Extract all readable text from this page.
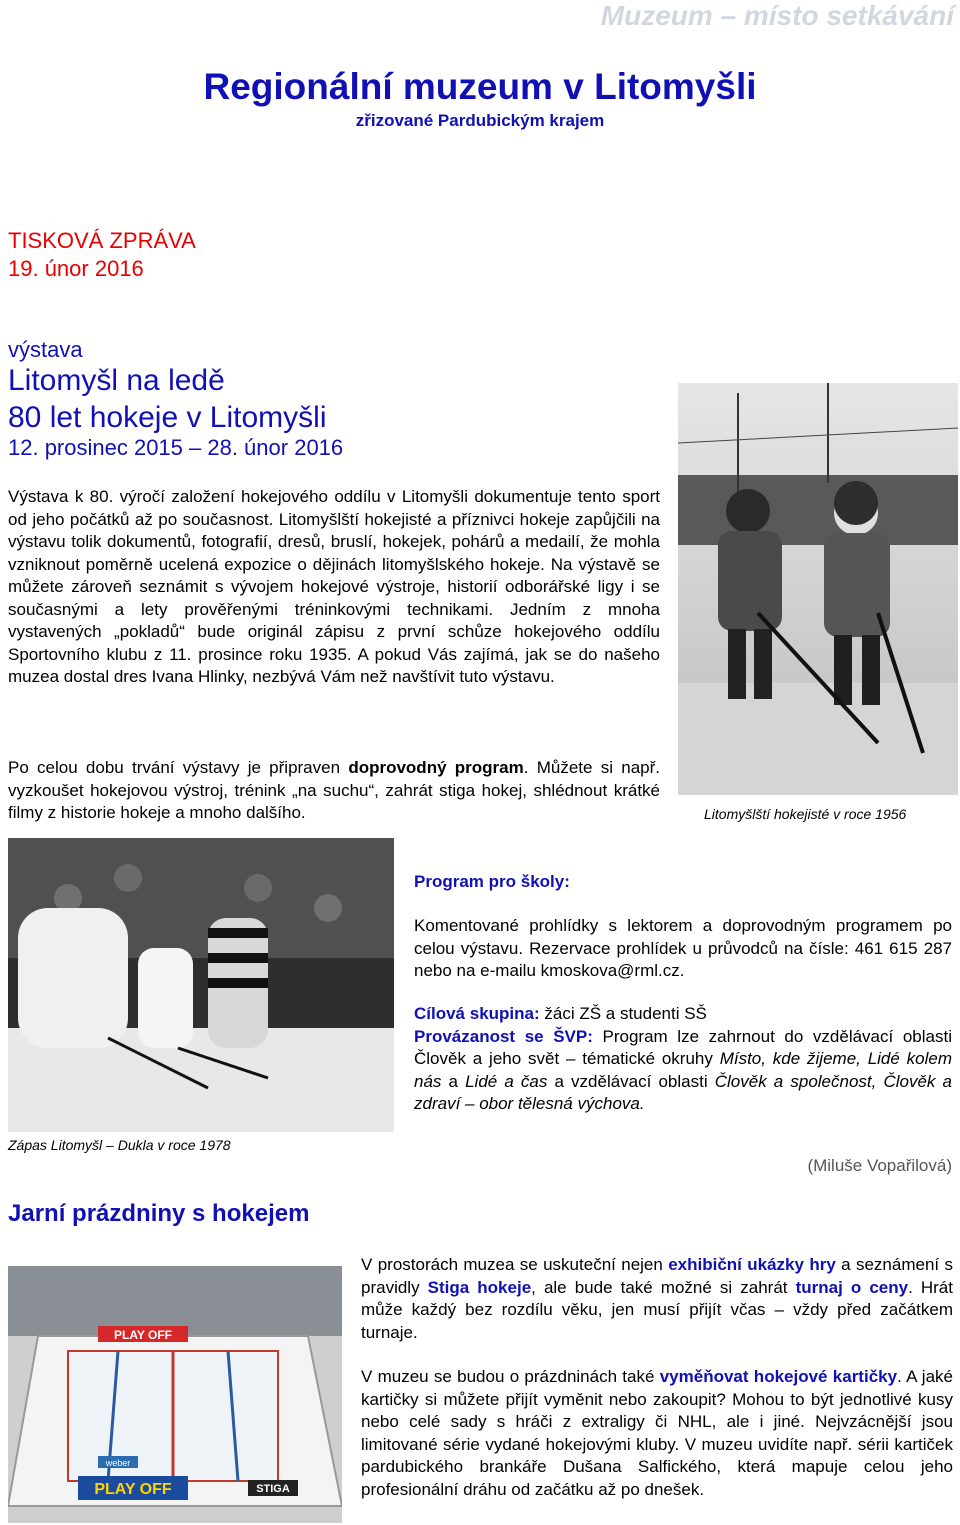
Muzeum – místo setkávání
Regionální muzeum v Litomyšli
zřizované Pardubickým krajem
TISKOVÁ ZPRÁVA
19. únor 2016
výstava
Litomyšl na ledě
80 let hokeje v Litomyšli
12. prosinec 2015 – 28. únor 2016

Výstava k 80. výročí založení hokejového oddílu v Litomyšli dokumentuje tento sport od jeho počátků až po současnost. Litomyšlští hokejisté a příznivci hokeje zapůjčili na výstavu tolik dokumentů, fotografií, dresů, bruslí, hokejek, pohárů a medailí, že mohla vzniknout poměrně ucelená expozice o dějinách litomyšlského hokeje. Na výstavě se můžete zároveň seznámit s vývojem hokejové výstroje, historií odborářské ligy i se současnými a lety prověřenými tréninkovými technikami. Jedním z mnoha vystavených „pokladů“ bude originál zápisu z první schůze hokejového oddílu Sportovního klubu z 11. prosince roku 1935. A pokud Vás zajímá, jak se do našeho muzea dostal dres Ivana Hlinky, nezbývá Vám než navštívit tuto výstavu.

Po celou dobu trvání výstavy je připraven doprovodný program. Můžete si např. vyzkoušet hokejovou výstroj, trénink „na suchu“, zahrát stiga hokej, shlédnout krátké filmy z historie hokeje a mnoho dalšího.	Litomyšlští hokejisté v roce 1956
Zápas Litomyšl – Dukla v roce 1978
Program pro školy:

Komentované prohlídky s lektorem a doprovodným programem po celou výstavu. Rezervace prohlídek u průvodců na čísle: 461 615 287 nebo na e-mailu kmoskova@rml.cz.

Cílová skupina: žáci ZŠ a studenti SŠ

Provázanost se ŠVP: Program lze zahrnout do vzdělávací oblasti Člověk a jeho svět – tématické okruhy Místo, kde žijeme, Lidé kolem nás a Lidé a čas a vzdělávací oblasti Člověk a společnost, Člověk a zdraví – obor tělesná výchova.

(Miluše Vopařilová)
Jarní prázdniny s hokejem
PLAY OFF
PLAY OFF	STIGA
weber

V prostorách muzea se uskuteční nejen exhibiční ukázky hry a seznámení s pravidly Stiga hokeje, ale bude také možné si zahrát turnaj o ceny. Hrát může každý bez rozdílu věku, jen musí přijít včas – vždy před začátkem turnaje.

V muzeu se budou o prázdninách také vyměňovat hokejové kartičky. A jaké kartičky si můžete přijít vyměnit nebo zakoupit? Mohou to být jednotlivé kusy nebo celé sady s hráči z extraligy či NHL, ale i jiné. Nejvzácnější jsou limitované série vydané hokejovými kluby. V muzeu uvidíte např. sérii kartiček pardubického brankáře Dušana Salfického, která mapuje celou jeho profesionální dráhu od začátku až po dnešek.
